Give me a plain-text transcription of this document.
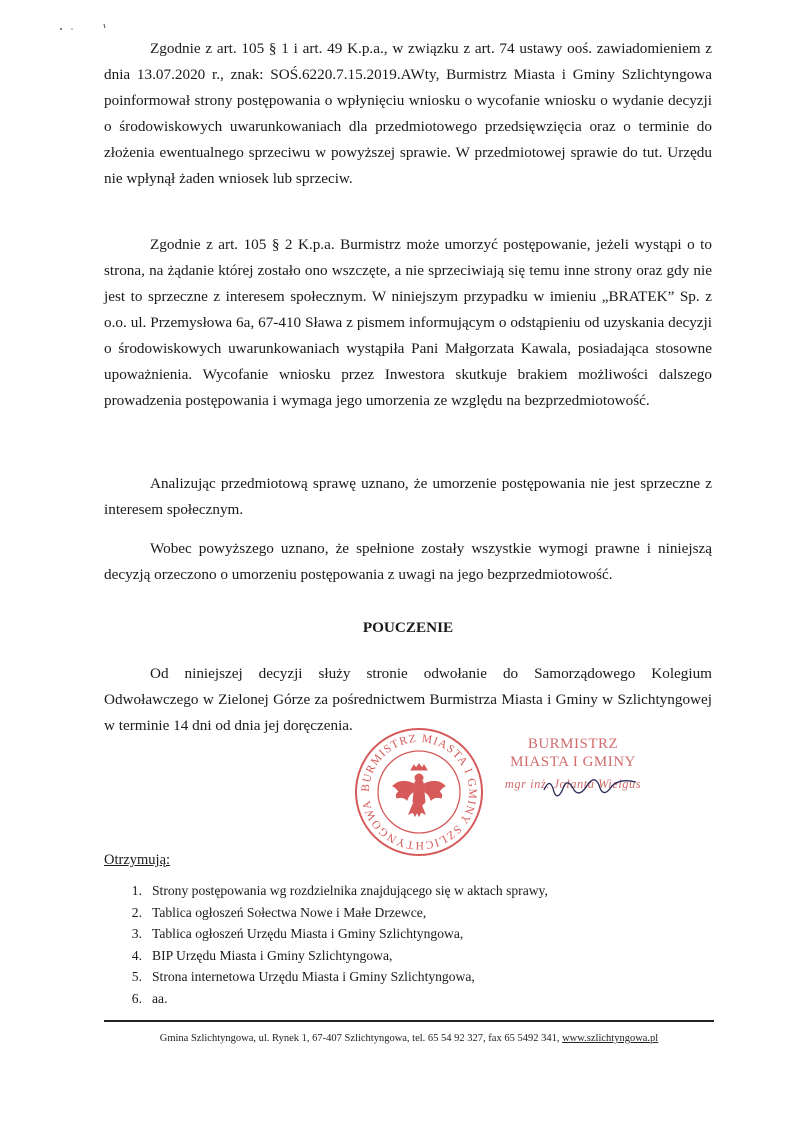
Zgodnie z art. 105 § 1 i art. 49 K.p.a., w związku z art. 74 ustawy ooś. zawiadomieniem z dnia 13.07.2020 r., znak: SOŚ.6220.7.15.2019.AWty, Burmistrz Miasta i Gminy Szlichtyngowa poinformował strony postępowania o wpłynięciu wniosku o wycofanie wniosku o wydanie decyzji o środowiskowych uwarunkowaniach dla przedmiotowego przedsięwzięcia oraz o terminie do złożenia ewentualnego sprzeciwu w powyższej sprawie. W przedmiotowej sprawie do tut. Urzędu nie wpłynął żaden wniosek lub sprzeciw.

Zgodnie z art. 105 § 2 K.p.a. Burmistrz może umorzyć postępowanie, jeżeli wystąpi o to strona, na żądanie której zostało ono wszczęte, a nie sprzeciwiają się temu inne strony oraz gdy nie jest to sprzeczne z interesem społecznym. W niniejszym przypadku w imieniu „BRATEK” Sp. z o.o. ul. Przemysłowa 6a, 67-410 Sława z pismem informującym o odstąpieniu od uzyskania decyzji o środowiskowych uwarunkowaniach wystąpiła Pani Małgorzata Kawala, posiadająca stosowne upoważnienia. Wycofanie wniosku przez Inwestora skutkuje brakiem możliwości dalszego prowadzenia postępowania i wymaga jego umorzenia ze względu na bezprzedmiotowość.

Analizując przedmiotową sprawę uznano, że umorzenie postępowania nie jest sprzeczne z interesem społecznym.

Wobec powyższego uznano, że spełnione zostały wszystkie wymogi prawne i niniejszą decyzją orzeczono o umorzeniu postępowania z uwagi na jego bezprzedmiotowość.

POUCZENIE

Od niniejszej decyzji służy stronie odwołanie do Samorządowego Kolegium Odwoławczego w Zielonej Górze za pośrednictwem Burmistrza Miasta i Gminy w Szlichtyngowej w terminie 14 dni od dnia jej doręczenia.

BURMISTRZ MIASTA I GMINY SZLICHTYNGOWA
BURMISTRZ
MIASTA I GMINY
mgr inż. Jolanta Wielgus
Otrzymują:
1. Strony postępowania wg rozdzielnika znajdującego się w aktach sprawy,
2. Tablica ogłoszeń Sołectwa Nowe i Małe Drzewce,
3. Tablica ogłoszeń Urzędu Miasta i Gminy Szlichtyngowa,
4. BIP Urzędu Miasta i Gminy Szlichtyngowa,
5. Strona internetowa Urzędu Miasta i Gminy Szlichtyngowa,
6. aa.
Gmina Szlichtyngowa, ul. Rynek 1, 67-407 Szlichtyngowa, tel. 65 54 92 327, fax 65 5492 341, www.szlichtyngowa.pl
